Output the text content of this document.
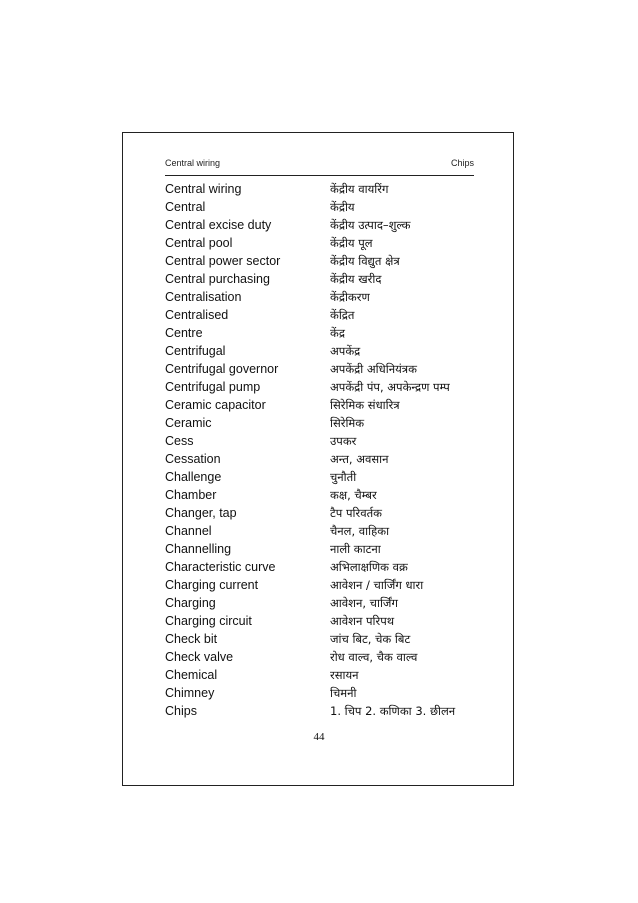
Central wiring	Chips
Central wiring	केंद्रीय वायरिंग
Central	केंद्रीय
Central excise duty	केंद्रीय उत्पाद–शुल्क
Central pool	केंद्रीय पूल
Central power sector	केंद्रीय विद्युत क्षेत्र
Central purchasing	केंद्रीय खरीद
Centralisation	केंद्रीकरण
Centralised	केंद्रित
Centre	केंद्र
Centrifugal	अपकेंद्र
Centrifugal governor	अपकेंद्री अधिनियंत्रक
Centrifugal pump	अपकेंद्री पंप, अपकेन्द्रण पम्प
Ceramic capacitor	सिरेमिक संधारित्र
Ceramic	सिरेमिक
Cess	उपकर
Cessation	अन्त, अवसान
Challenge	चुनौती
Chamber	कक्ष, चैम्बर
Changer, tap	टैप परिवर्तक
Channel	चैनल, वाहिका
Channelling	नाली काटना
Characteristic curve	अभिलाक्षणिक वक्र
Charging current	आवेशन / चार्जिंग धारा
Charging	आवेशन, चार्जिंग
Charging circuit	आवेशन परिपथ
Check bit	जांच बिट, चेक बिट
Check valve	रोध वाल्व, चैक वाल्व
Chemical	रसायन
Chimney	चिमनी
Chips	1. चिप 2. कणिका 3. छीलन
44
